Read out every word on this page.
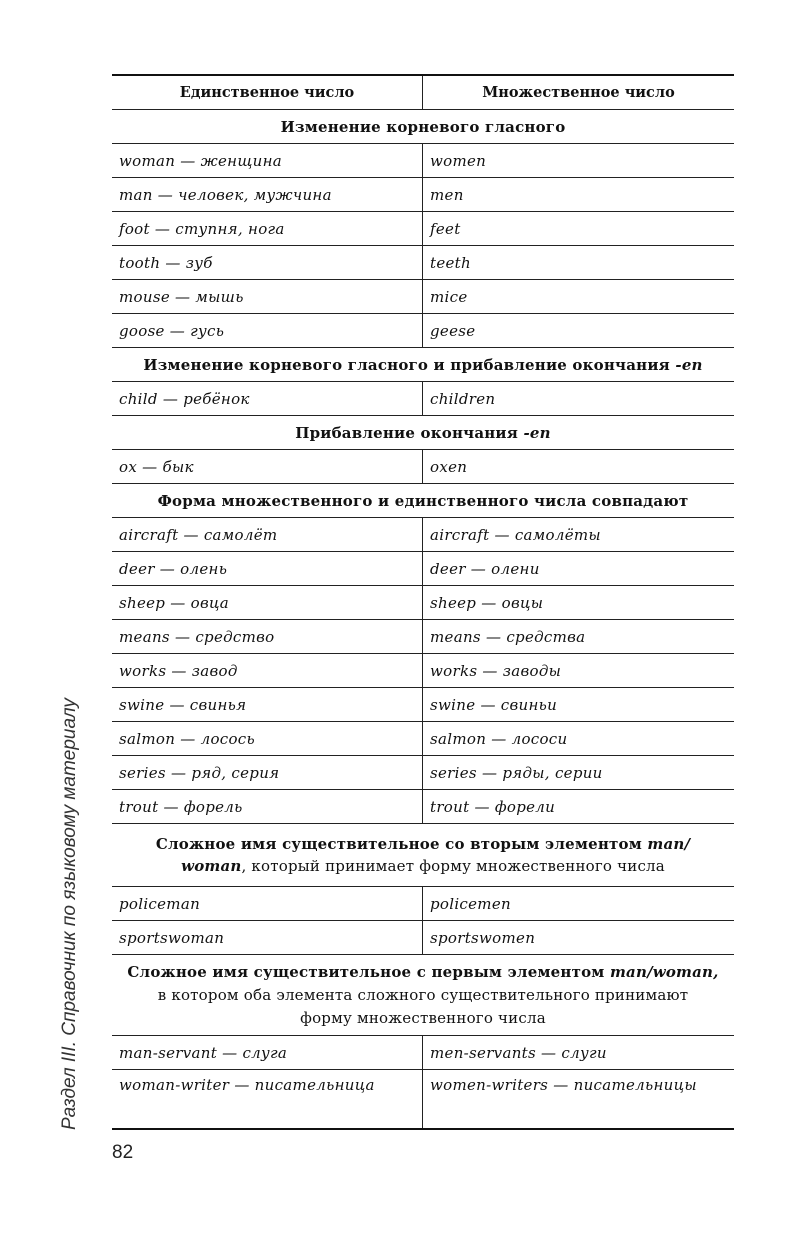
Раздел III. Справочник по языковому материалу
Единственное число	Множественное число
Изменение корневого гласного	
woman — женщина	women
man — человек, мужчина	men
foot — ступня, нога	feet
tooth — зуб	teeth
mouse — мышь	mice
goose — гусь	geese
Изменение корневого гласного и прибавление окончания -en	
child — ребёнок	children
Прибавление окончания -en	
ox — бык	oxen
Форма множественного и единственного числа совпадают	
aircraft — самолёт	aircraft — самолёты
deer — олень	deer — олени
sheep — овца	sheep — овцы
means — средство	means — средства
works — завод	works — заводы
swine — свинья	swine — свиньи
salmon — лосось	salmon — лососи
series — ряд, серия	series — ряды, серии
trout — форель	trout — форели
Сложное имя существительное со вторым элементом man/
woman, который принимает форму множественного числа	
policeman	policemen
sportswoman	sportswomen
Сложное имя существительное с первым элементом man/woman,
в котором оба элемента сложного существительного принимают
форму множественного числа	
man-servant — слуга	men-servants — слуги
woman-writer — писательница	women-writers — писательницы
82
